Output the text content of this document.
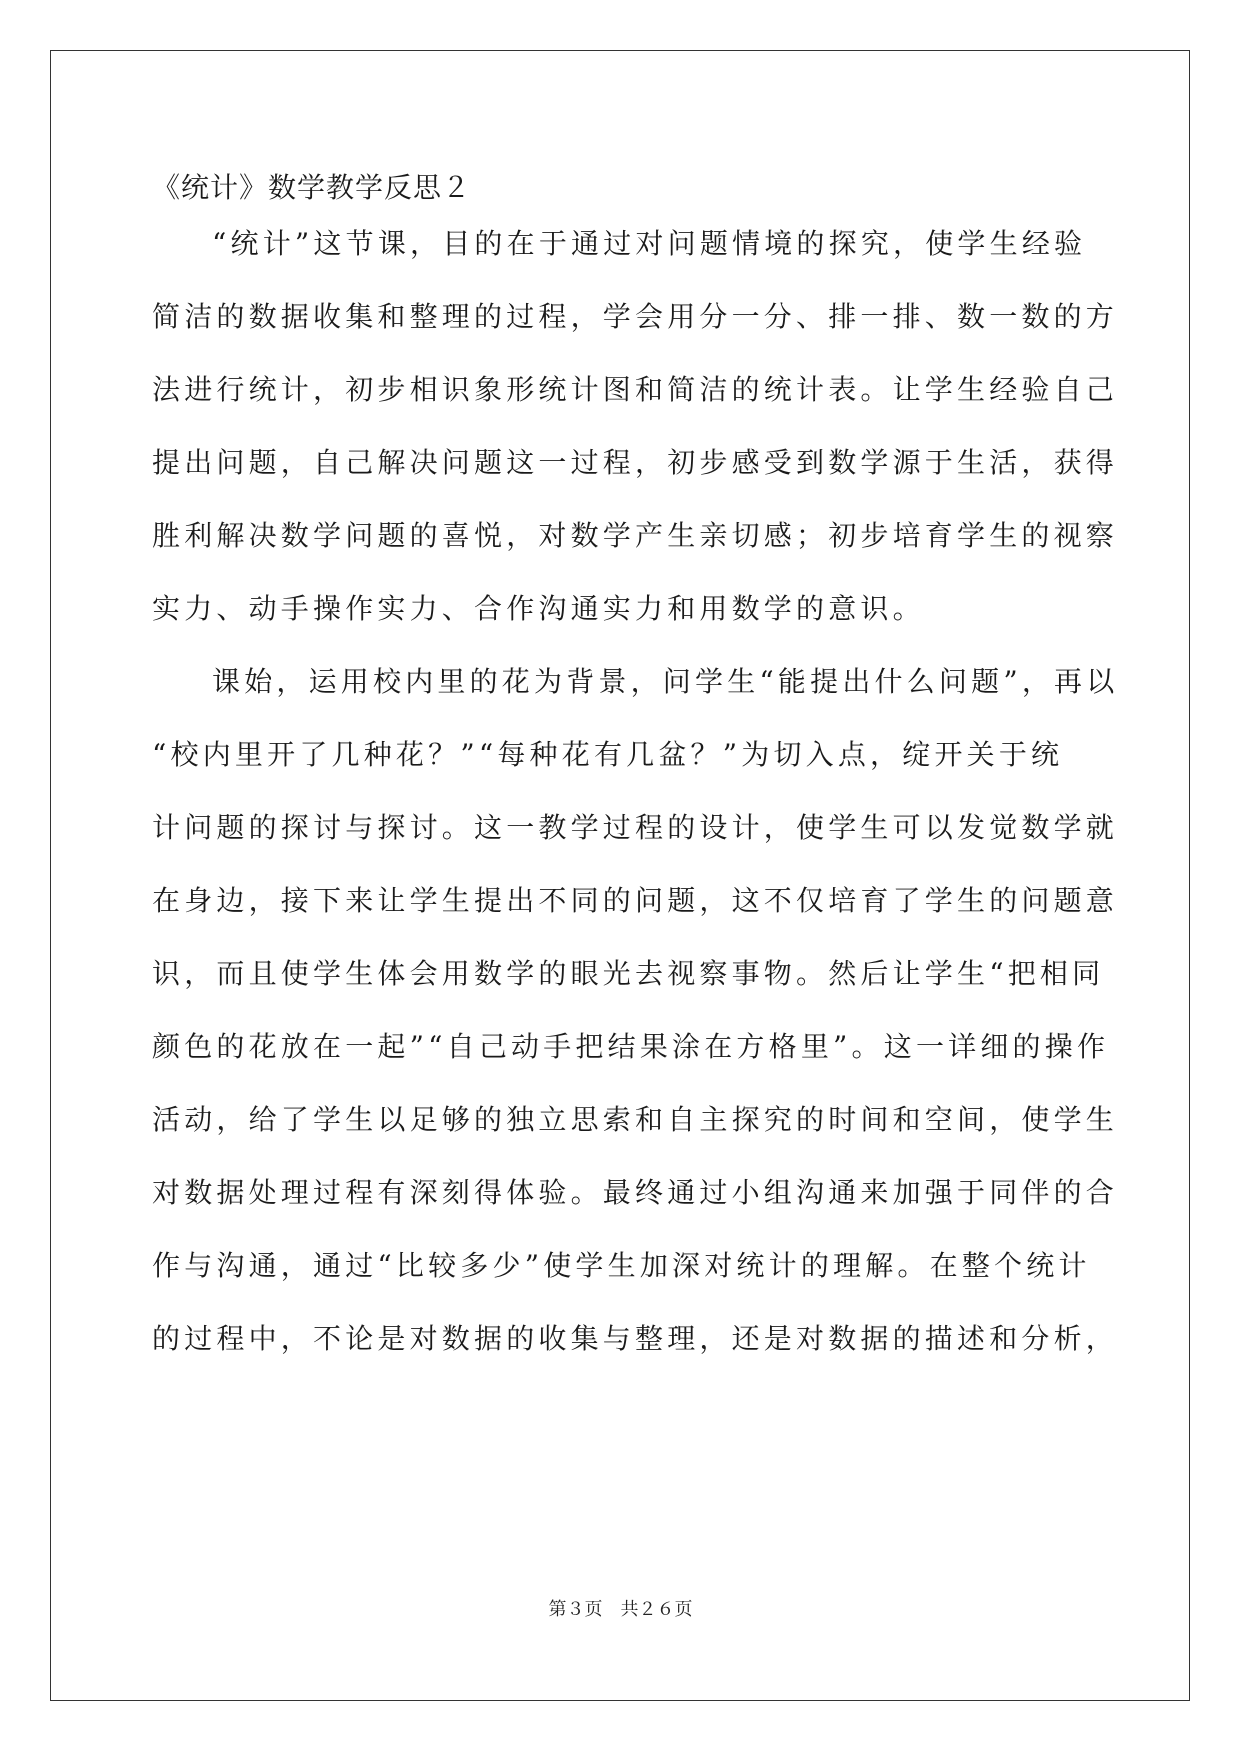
《统计》数学教学反思２
“统计”这节课，目的在于通过对问题情境的探究，使学生经验
简洁的数据收集和整理的过程，学会用分一分、排一排、数一数的方
法进行统计，初步相识象形统计图和简洁的统计表。让学生经验自己
提出问题，自己解决问题这一过程，初步感受到数学源于生活，获得
胜利解决数学问题的喜悦，对数学产生亲切感；初步培育学生的视察
实力、动手操作实力、合作沟通实力和用数学的意识。
课始，运用校内里的花为背景，问学生“能提出什么问题”，再以
“校内里开了几种花？”“每种花有几盆？”为切入点，绽开关于统
计问题的探讨与探讨。这一教学过程的设计，使学生可以发觉数学就
在身边，接下来让学生提出不同的问题，这不仅培育了学生的问题意
识，而且使学生体会用数学的眼光去视察事物。然后让学生“把相同
颜色的花放在一起”“自己动手把结果涂在方格里”。这一详细的操作
活动，给了学生以足够的独立思索和自主探究的时间和空间，使学生
对数据处理过程有深刻得体验。最终通过小组沟通来加强于同伴的合
作与沟通，通过“比较多少”使学生加深对统计的理解。在整个统计
的过程中，不论是对数据的收集与整理，还是对数据的描述和分析，
第３页　共２６页
